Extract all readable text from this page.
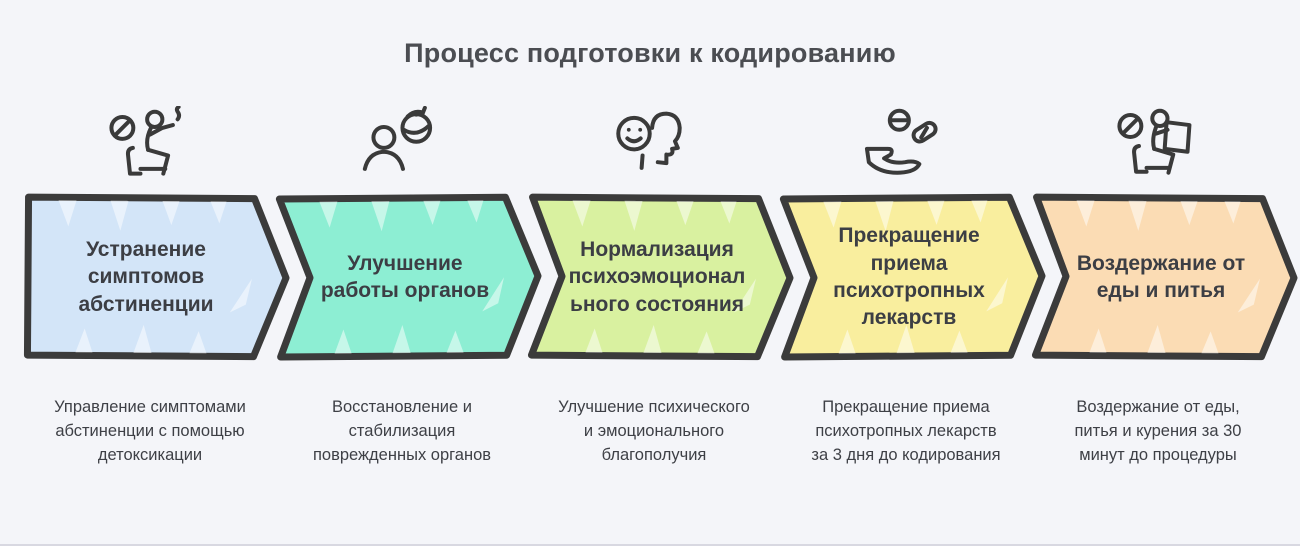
Процесс подготовки к кодированию
Устранение симптомов абстиненции
Управление симптомами абстиненции с помощью детоксикации
Улучшение работы органов
Восстановление и стабилизация поврежденных органов
Нормализация психоэмоционального состояния
Улучшение психического и эмоционального благополучия
Прекращение приема психотропных лекарств
Прекращение приема психотропных лекарств за 3 дня до кодирования
Воздержание от еды и питья
Воздержание от еды, питья и курения за 30 минут до процедуры
